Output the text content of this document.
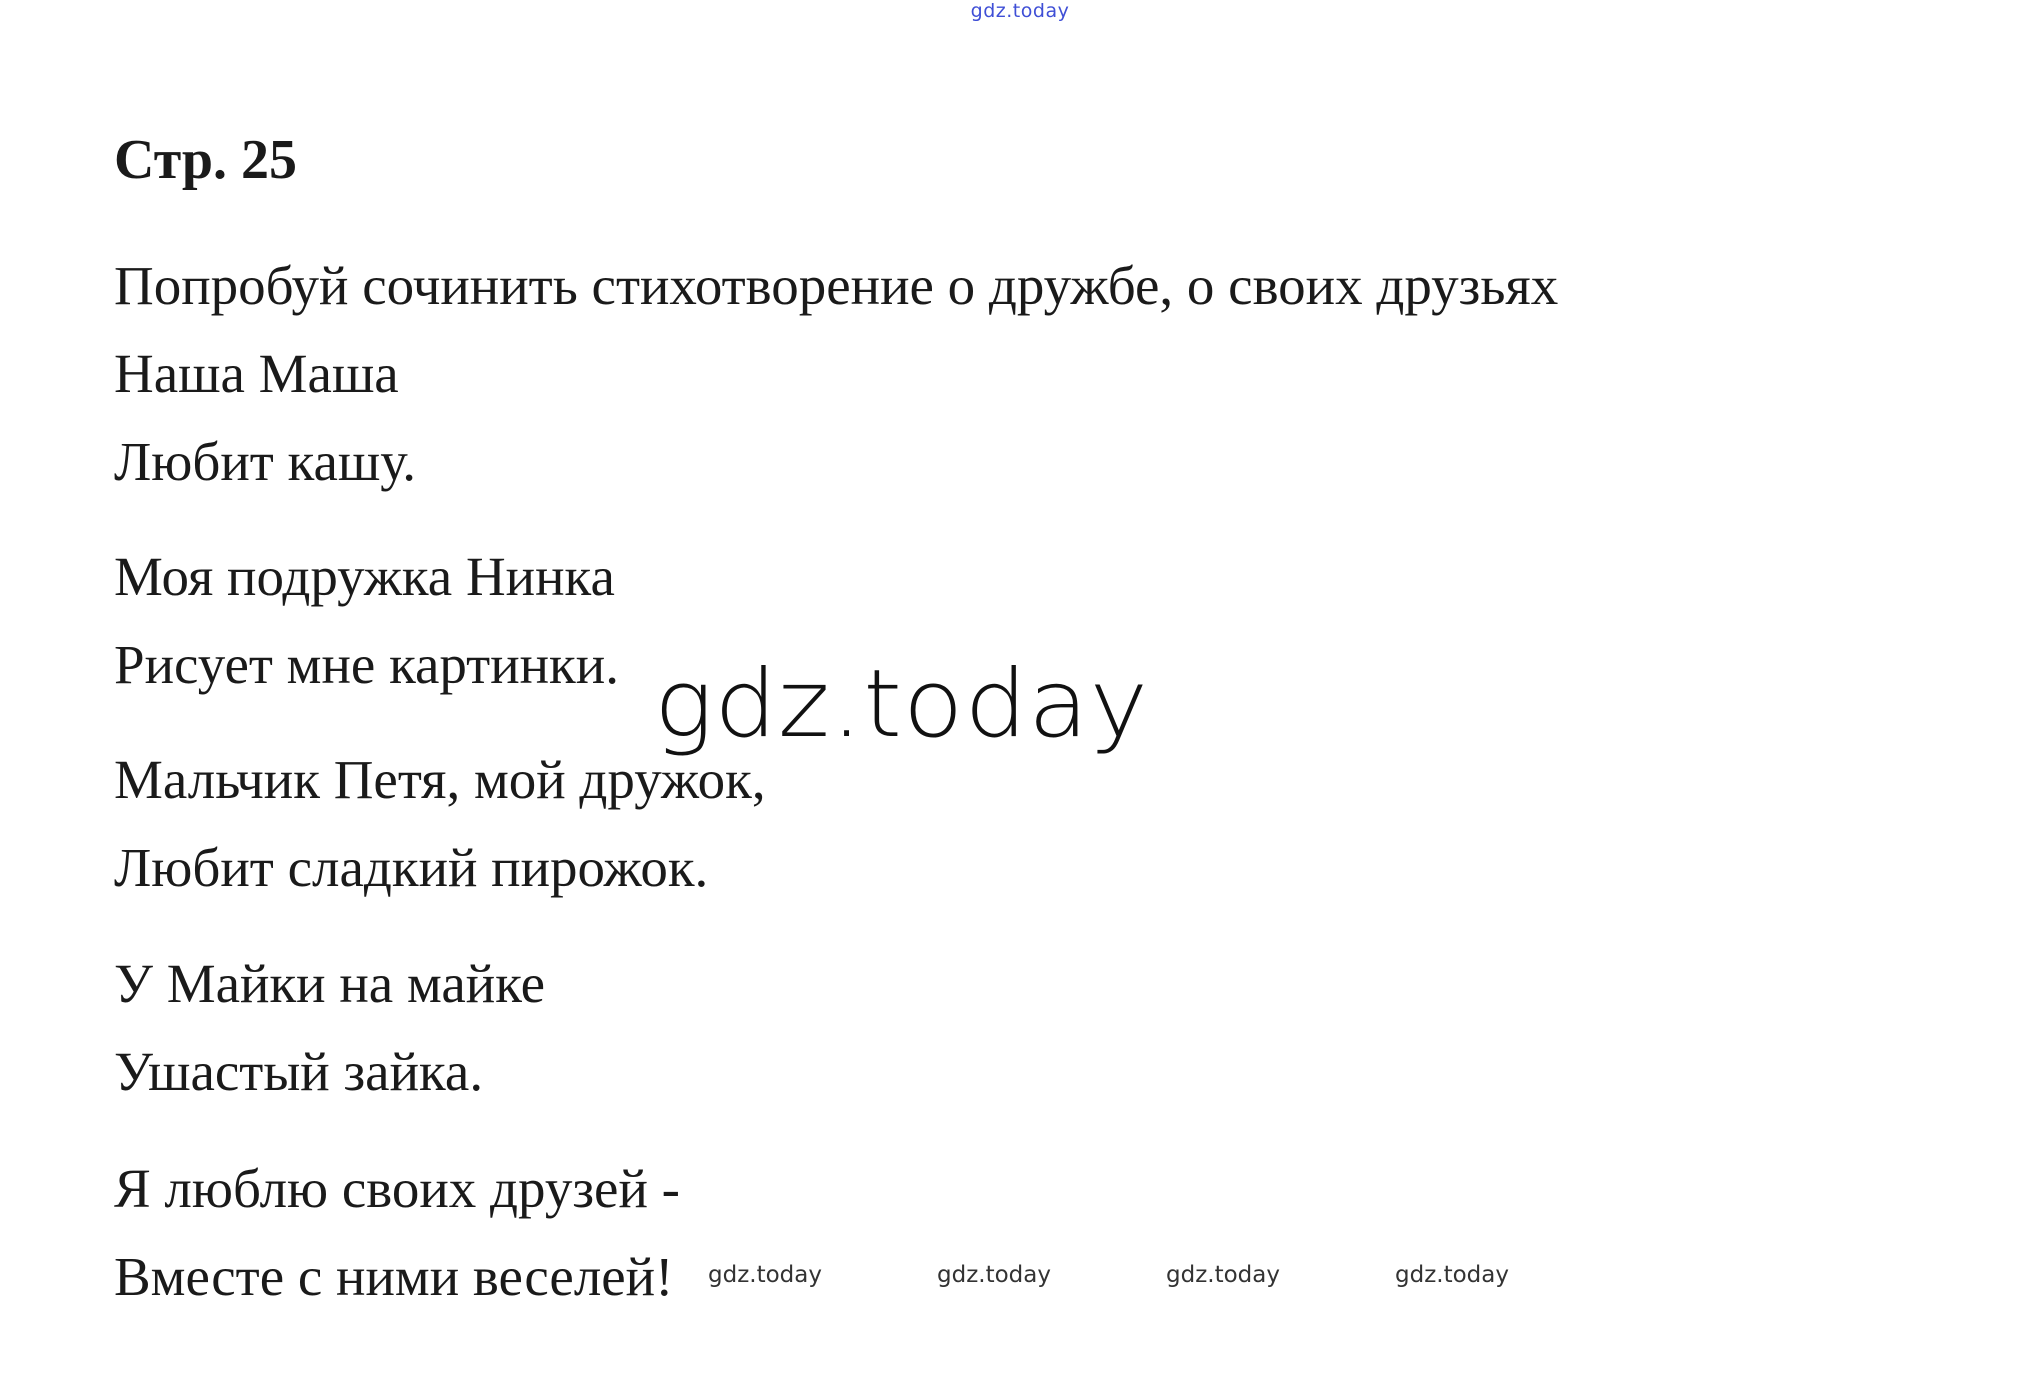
gdz.today
Стр. 25

Попробуй сочинить стихотворение о дружбе, о своих друзьях

Наша Маша

Любит кашу.

Моя подружка Нинка

Рисует мне картинки.

Мальчик Петя, мой дружок,

Любит сладкий пирожок.

У Майки на майке

Ушастый зайка.

Я люблю своих друзей -

Вместе с ними веселей!

gdz.today
gdz.today	gdz.today	gdz.today	gdz.today
